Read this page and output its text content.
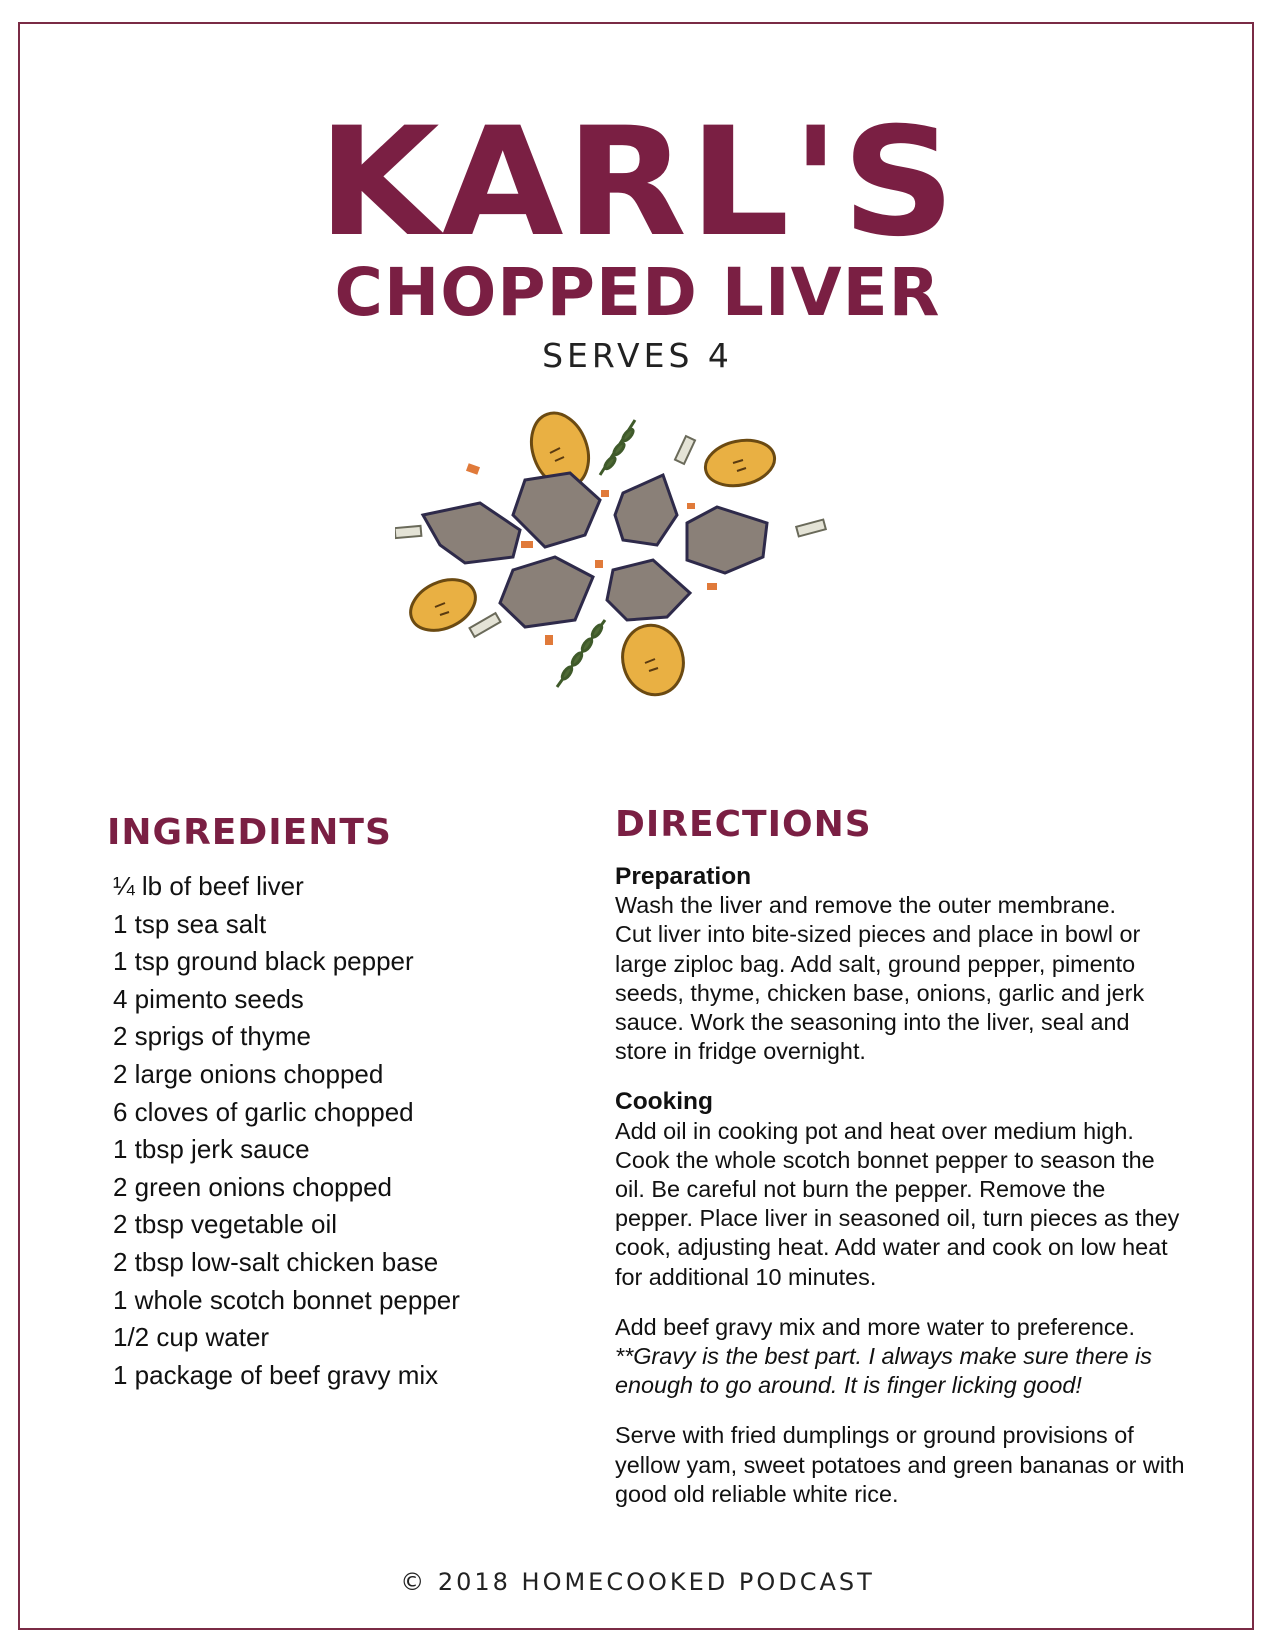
KARL'S
CHOPPED LIVER
SERVES 4
INGREDIENTS
¼ lb of beef liver
1 tsp sea salt
1 tsp ground black pepper
4 pimento seeds
2 sprigs of thyme
2 large onions chopped
6 cloves of garlic chopped
1 tbsp jerk sauce
2 green onions chopped
2 tbsp vegetable oil
2 tbsp low-salt chicken base
1 whole scotch bonnet pepper
1/2 cup water
1 package of beef gravy mix
DIRECTIONS

Preparation

Wash the liver and remove the outer membrane.

Cut liver into bite-sized pieces and place in bowl or

large ziploc bag. Add salt, ground pepper, pimento

seeds, thyme, chicken base, onions, garlic and jerk

sauce. Work the seasoning into the liver, seal and

store in fridge overnight.

Cooking

Add oil in cooking pot and heat over medium high.

Cook the whole scotch bonnet pepper to season the

oil. Be careful not burn the pepper. Remove the

pepper. Place liver in seasoned oil, turn pieces as they

cook, adjusting heat. Add water and cook on low heat

for additional 10 minutes.

Add beef gravy mix and more water to preference.

**Gravy is the best part. I always make sure there is

enough to go around. It is finger licking good!

Serve with fried dumplings or ground provisions of

yellow yam, sweet potatoes and green bananas or with

good old reliable white rice.

© 2018 HOMECOOKED PODCAST
